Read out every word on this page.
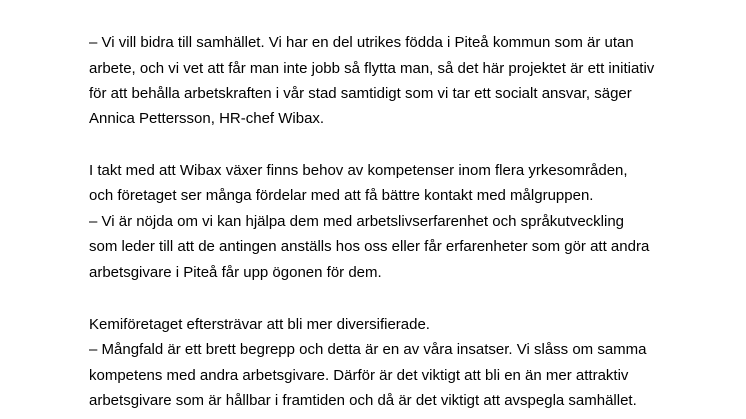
– Vi vill bidra till samhället. Vi har en del utrikes födda i Piteå kommun som är utan
arbete, och vi vet att får man inte jobb så flytta man, så det här projektet är ett initiativ
för att behålla arbetskraften i vår stad samtidigt som vi tar ett socialt ansvar, säger
Annica Pettersson, HR-chef Wibax.
I takt med att Wibax växer finns behov av kompetenser inom flera yrkesområden,
och företaget ser många fördelar med att få bättre kontakt med målgruppen.
– Vi är nöjda om vi kan hjälpa dem med arbetslivserfarenhet och språkutveckling
som leder till att de antingen anställs hos oss eller får erfarenheter som gör att andra
arbetsgivare i Piteå får upp ögonen för dem.
Kemiföretaget eftersträvar att bli mer diversifierade.
– Mångfald är ett brett begrepp och detta är en av våra insatser. Vi slåss om samma
kompetens med andra arbetsgivare. Därför är det viktigt att bli en än mer attraktiv
arbetsgivare som är hållbar i framtiden och då är det viktigt att avspegla samhället.
